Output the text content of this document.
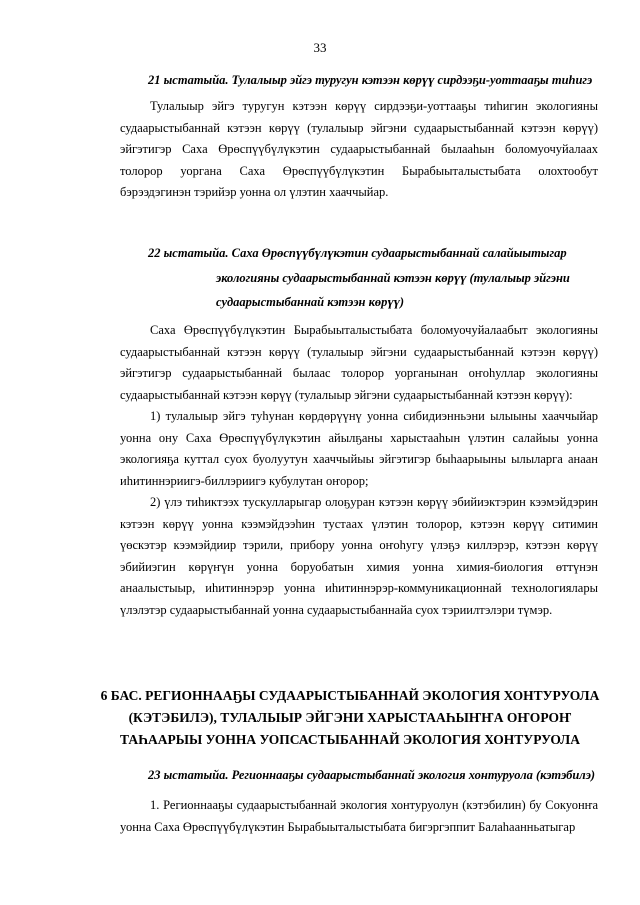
33
21 ыстатыйа. Тулалыыр эйгэ туругун кэтээн көрүү сирдээҕи-уоттааҕы тиһигэ

Тулалыыр эйгэ туругун кэтээн көрүү сирдээҕи-уоттааҕы тиһигин экологияны судаарыстыбаннай кэтээн көрүү (тулалыыр эйгэни судаарыстыбаннай кэтээн көрүү) эйгэтигэр Саха Өрөспүүбүлүкэтин судаарыстыбаннай былааһын боломуочуйалаах толорор уоргана Саха Өрөспүүбүлүкэтин Бырабыыталыстыбата олохтообут бэрээдэгинэн тэрийэр уонна ол үлэтин хааччыйар.

22 ыстатыйа. Саха Өрөспүүбүлүкэтин судаарыстыбаннай салайыытыгар
экологияны судаарыстыбаннай кэтээн көрүү (тулалыыр эйгэни
судаарыстыбаннай кэтээн көрүү)

Саха Өрөспүүбүлүкэтин Бырабыыталыстыбата боломуочуйалаабыт экологияны судаарыстыбаннай кэтээн көрүү (тулалыыр эйгэни судаарыстыбаннай кэтээн көрүү) эйгэтигэр судаарыстыбаннай былаас толорор уорганынан оҥоһуллар экологияны судаарыстыбаннай кэтээн көрүү (тулалыыр эйгэни судаарыстыбаннай кэтээн көрүү):

1) тулалыыр эйгэ туһунан көрдөрүүнү уонна сибидиэнньэни ылыыны хааччыйар уонна ону Саха Өрөспүүбүлүкэтин айылҕаны харыстааһын үлэтин салайыы уонна экологияҕа куттал суох буолуутун хааччыйыы эйгэтигэр быһаарыыны ылыларга анаан иһитиннэриигэ-биллэриигэ кубулутан оҥорор;

2) үлэ тиһиктээх тускулларыгар олоҕуран кэтээн көрүү эбийиэктэрин кээмэйдэрин кэтээн көрүү уонна кээмэйдээһин тустаах үлэтин толорор, кэтээн көрүү ситимин үөскэтэр кээмэйдиир тэрили, прибору уонна оҥоһугу үлэҕэ киллэрэр, кэтээн көрүү эбийиэгин көрүҥүн уонна боруобатын химия уонна химия-биология өттүнэн анаалыстыыр, иһитиннэрэр уонна иһитиннэрэр-коммуникационнай технологиялары үлэлэтэр судаарыстыбаннай уонна судаарыстыбаннайа суох тэриилтэлэри түмэр.

6 БАС. РЕГИОННААҔЫ СУДААРЫСТЫБАННАЙ ЭКОЛОГИЯ ХОНТУРУОЛА
(КЭТЭБИЛЭ), ТУЛАЛЫЫР ЭЙГЭНИ ХАРЫСТААҺЫҤҤА ОҤОРОҤ
ТАҺААРЫЫ УОННА УОПСАСТЫБАННАЙ ЭКОЛОГИЯ ХОНТУРУОЛА
23 ыстатыйа. Регионнааҕы судаарыстыбаннай экология хонтуруола (кэтэбилэ)

1. Регионнааҕы судаарыстыбаннай экология хонтуруолун (кэтэбилин) бу Сокуонҥа уонна Саха Өрөспүүбүлүкэтин Бырабыыталыстыбата бигэргэппит Балаһаанньатыгар
